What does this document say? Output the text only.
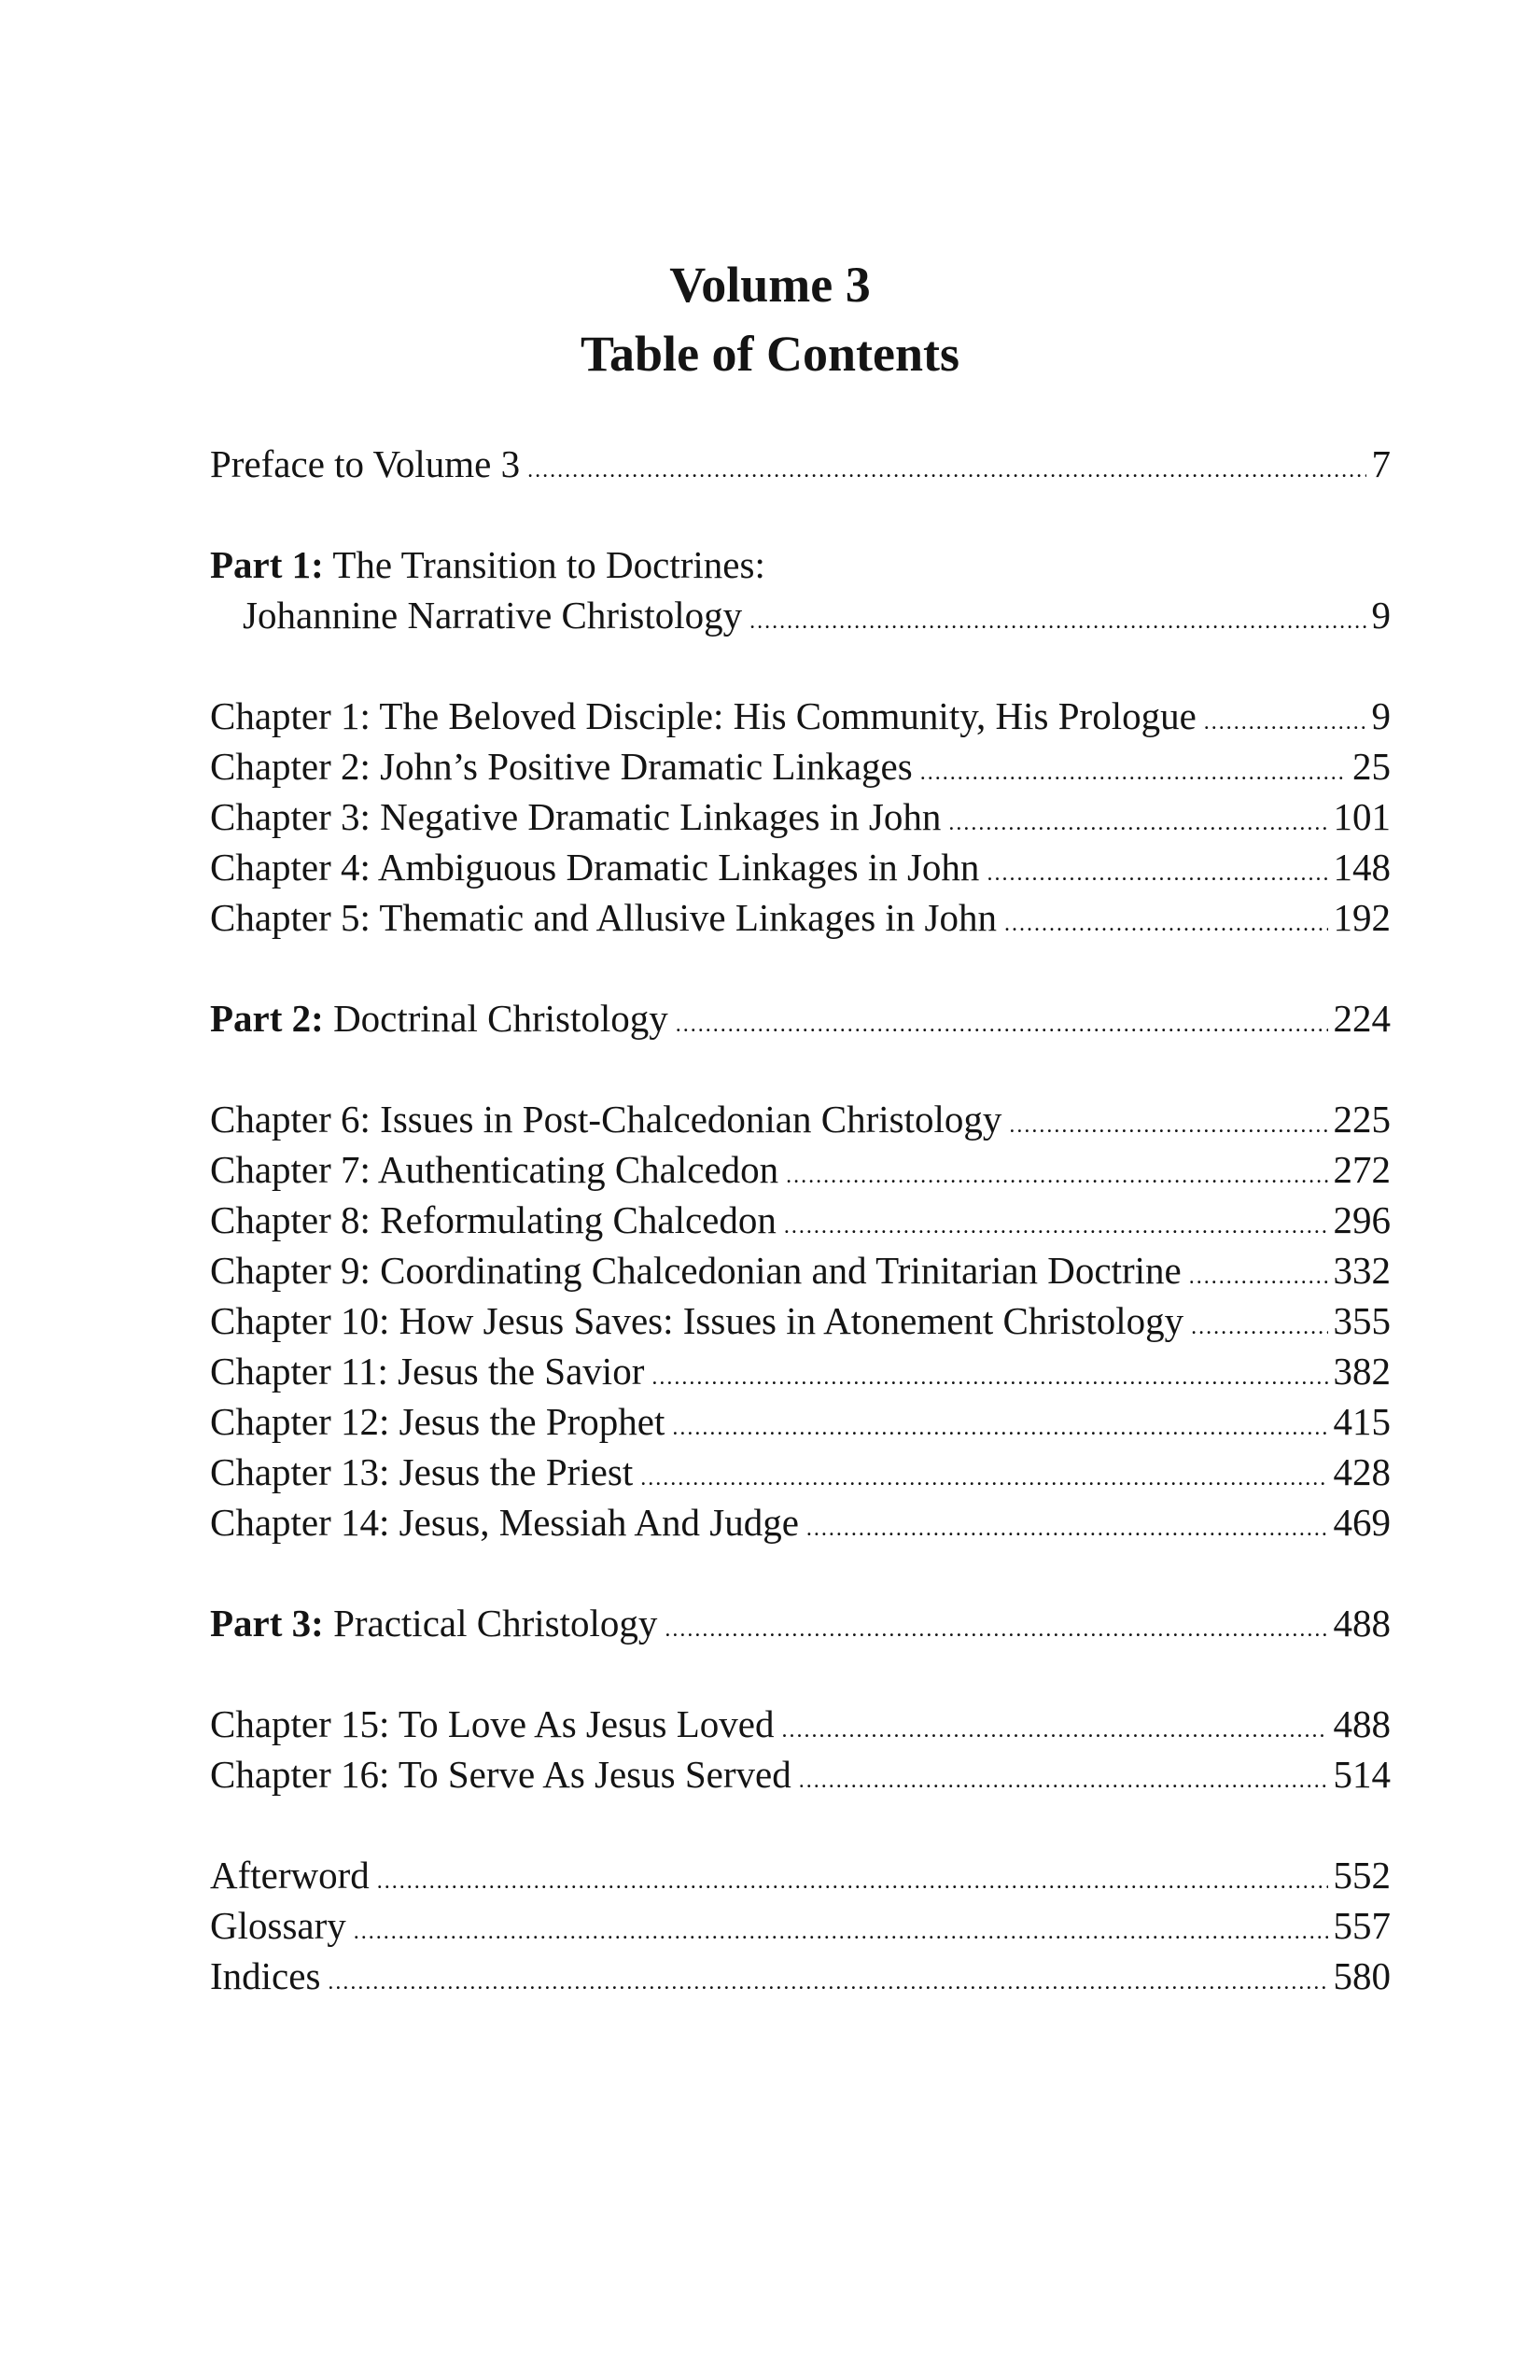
Volume 3
Table of Contents
Preface to Volume 3 .....	7
Part 1: The Transition to Doctrines:
Johannine Narrative Christology .....	9
Chapter 1: The Beloved Disciple: His Community, His Prologue .....	9
Chapter 2: John’s Positive Dramatic Linkages .....	25
Chapter 3: Negative Dramatic Linkages in John .....	101
Chapter 4: Ambiguous Dramatic Linkages in John .....	148
Chapter 5: Thematic and Allusive Linkages in John .....	192
Part 2: Doctrinal Christology .....	224
Chapter 6: Issues in Post-Chalcedonian Christology .....	225
Chapter 7: Authenticating Chalcedon .....	272
Chapter 8: Reformulating Chalcedon .....	296
Chapter 9: Coordinating Chalcedonian and Trinitarian Doctrine .....	332
Chapter 10: How Jesus Saves: Issues in Atonement Christology .....	355
Chapter 11: Jesus the Savior .....	382
Chapter 12: Jesus the Prophet .....	415
Chapter 13: Jesus the Priest .....	428
Chapter 14: Jesus, Messiah And Judge .....	469
Part 3: Practical Christology .....	488
Chapter 15: To Love As Jesus Loved .....	488
Chapter 16: To Serve As Jesus Served .....	514
Afterword .....	552
Glossary .....	557
Indices .....	580
